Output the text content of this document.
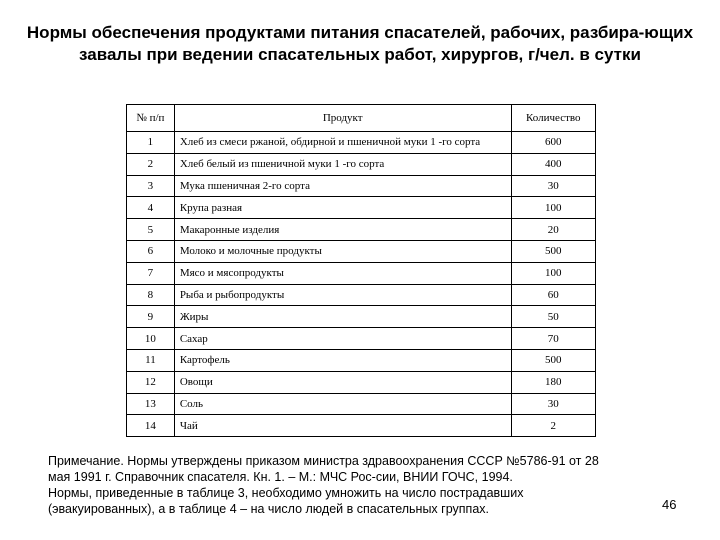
Нормы обеспечения продуктами питания спасателей, рабочих, разбира-ющих завалы при ведении спасательных работ, хирургов, г/чел. в сутки
№ п/п	Продукт	Количество
1	Хлеб из смеси ржаной, обдирной и пшеничной муки 1 -го сорта	600
2	Хлеб белый из пшеничной муки 1 -го сорта	400
3	Мука пшеничная 2-го сорта	30
4	Крупа разная	100
5	Макаронные изделия	20
6	Молоко и молочные продукты	500
7	Мясо и мясопродукты	100
8	Рыба и рыбопродукты	60
9	Жиры	50
10	Сахар	70
11	Картофель	500
12	Овощи	180
13	Соль	30
14	Чай	2

Примечание. Нормы утверждены приказом министра здравоохранения СССР №5786-91 от 28
мая 1991 г. Справочник спасателя. Кн. 1. – М.: МЧС Рос-сии, ВНИИ ГОЧС, 1994.
Нормы, приведенные в таблице 3, необходимо умножить на число пострадавших
(эвакуированных), а в таблице 4 – на число людей в спасательных группах.	46
